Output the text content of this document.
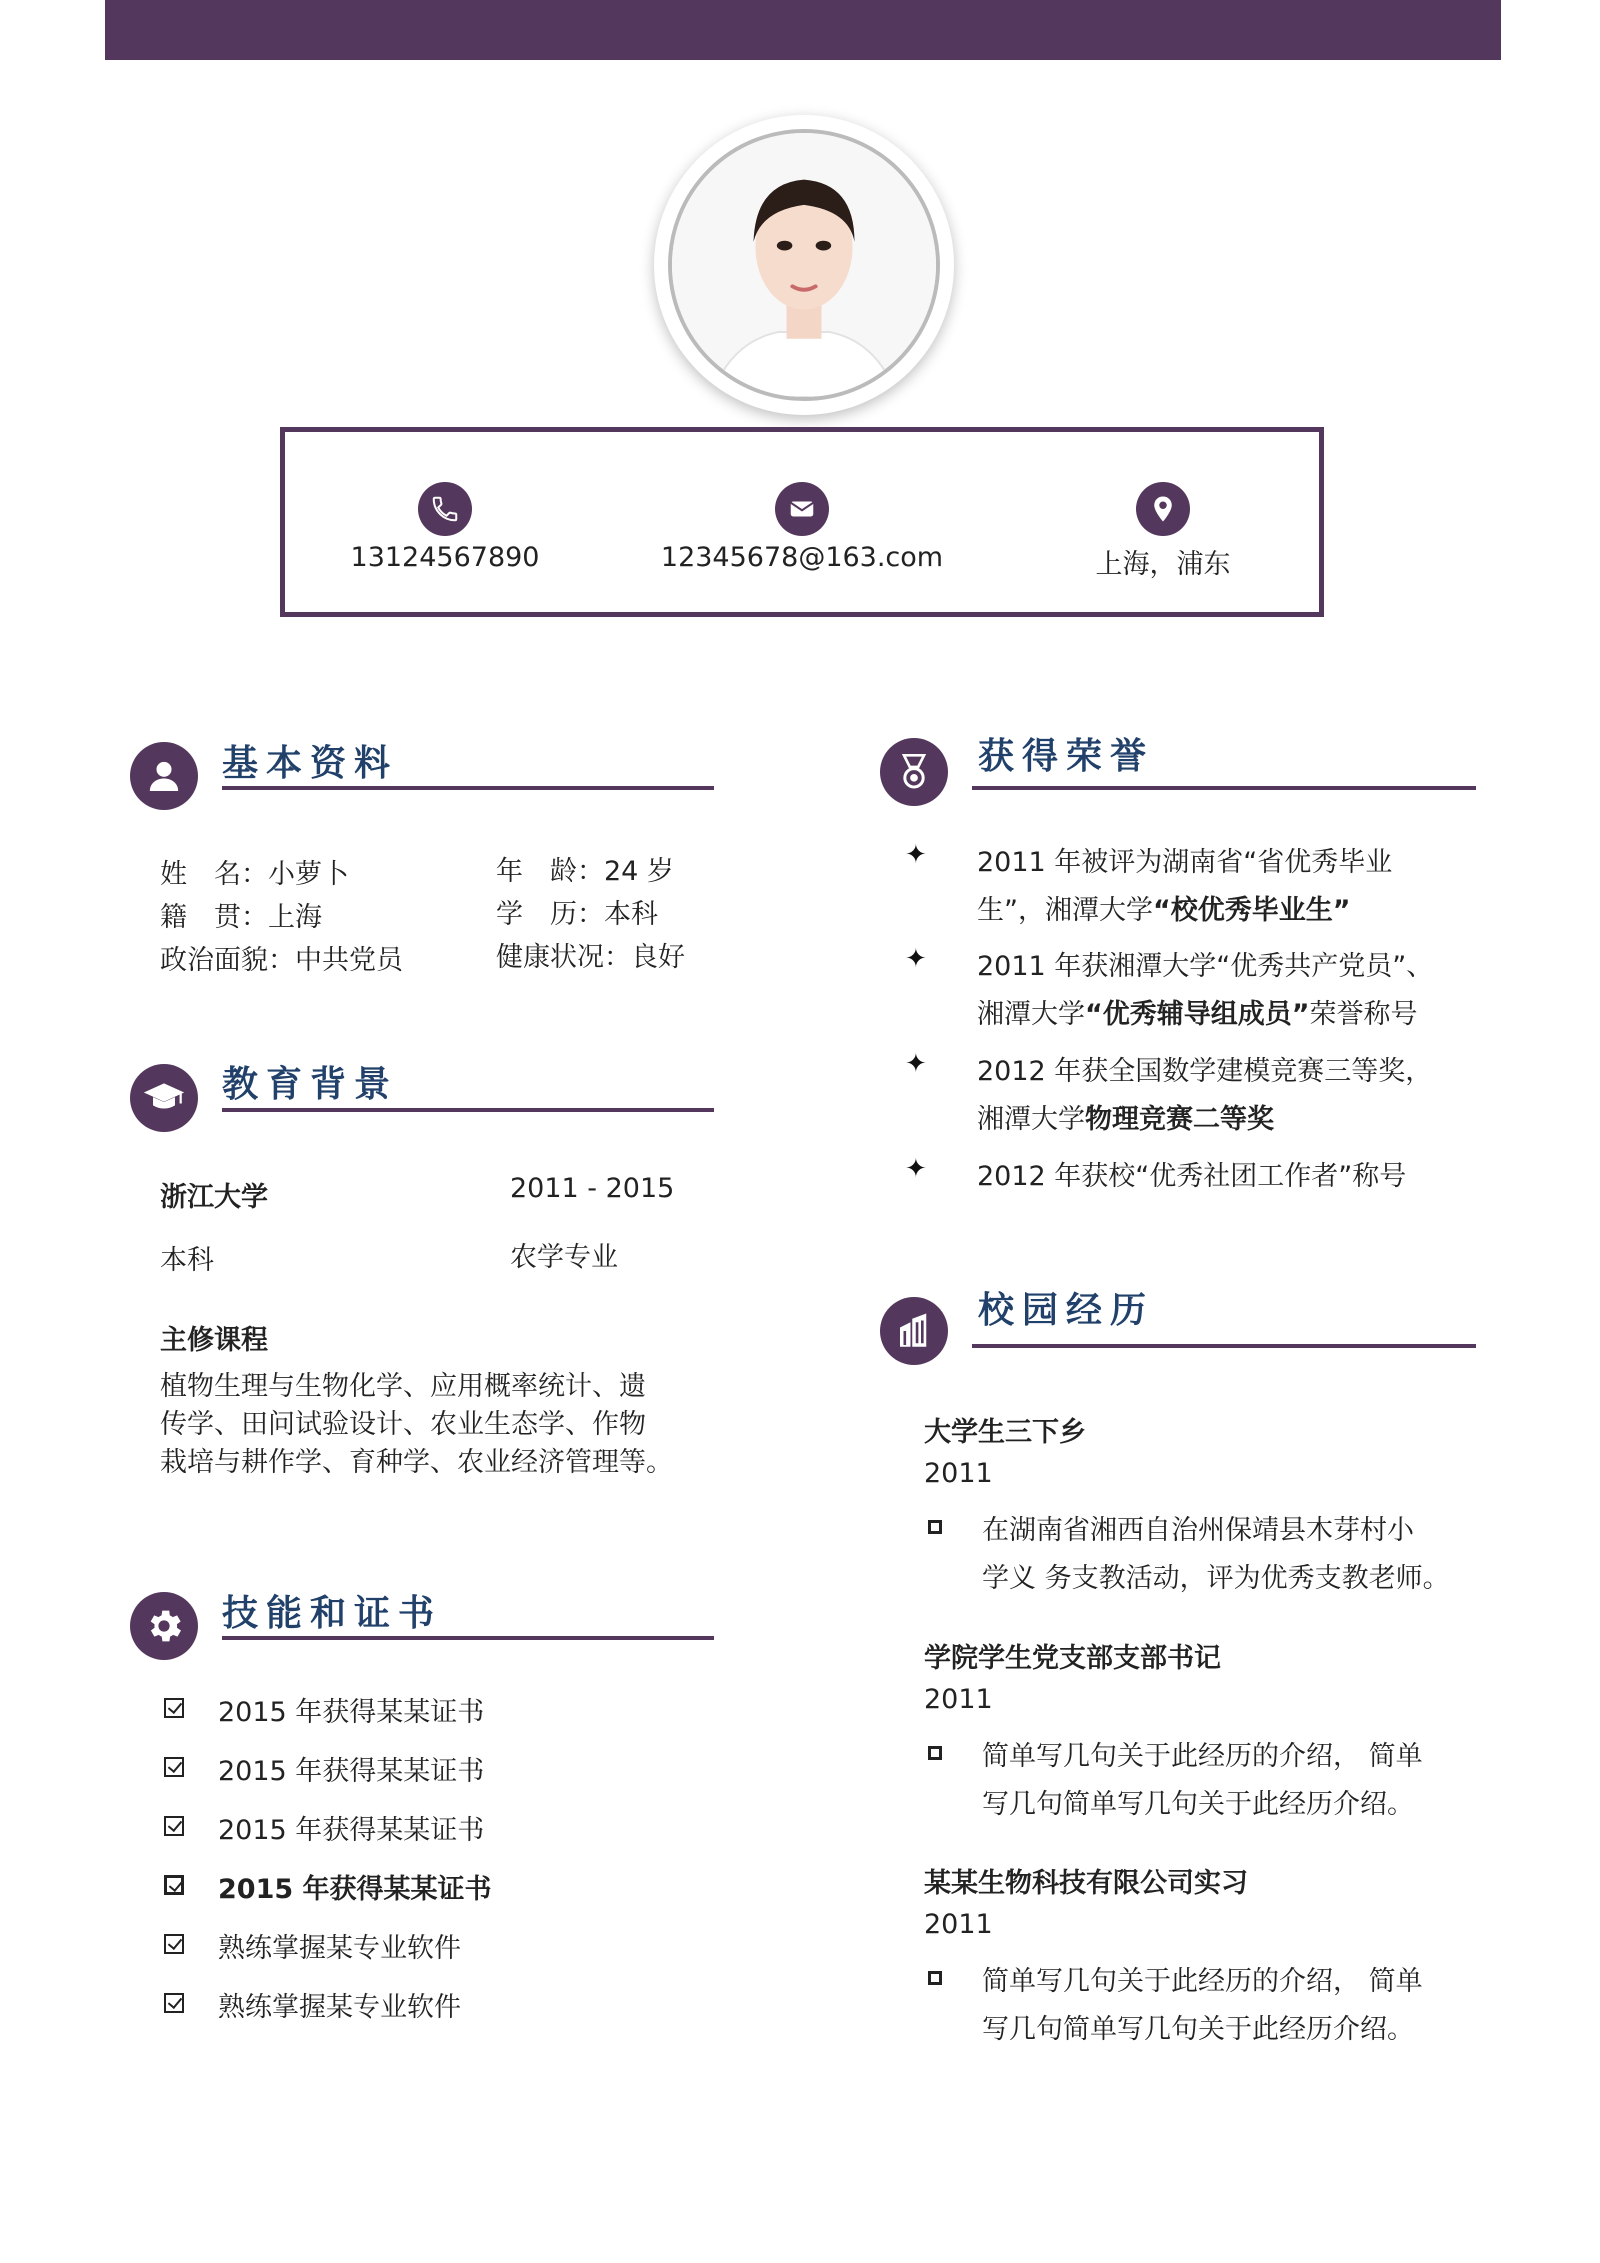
13124567890	12345678@163.com	上海，浦东
基本资料
姓　名：小萝卜	年　龄：24 岁
籍　贯：上海	学　历：本科
政治面貌：中共党员	健康状况：良好
教育背景
浙江大学	2011 - 2015
本科	农学专业
主修课程
植物生理与生物化学、应用概率统计、遗
传学、田问试验设计、农业生态学、作物
栽培与耕作学、育种学、农业经济管理等。
技能和证书
2015 年获得某某证书
2015 年获得某某证书
2015 年获得某某证书
2015 年获得某某证书
熟练掌握某专业软件
熟练掌握某专业软件
获得荣誉
✦ 2011 年被评为湖南省“省优秀毕业
生”，湘潭大学“校优秀毕业生”
✦ 2011 年获湘潭大学“优秀共产党员”、
湘潭大学“优秀辅导组成员”荣誉称号
✦ 2012 年获全国数学建模竞赛三等奖，
湘潭大学物理竞赛二等奖
✦ 2012 年获校“优秀社团工作者”称号
校园经历
大学生三下乡
2011
在湖南省湘西自治州保靖县木芽村小
学义 务支教活动，评为优秀支教老师。
学院学生党支部支部书记
2011
简单写几句关于此经历的介绍， 简单
写几句简单写几句关于此经历介绍。
某某生物科技有限公司实习
2011
简单写几句关于此经历的介绍， 简单
写几句简单写几句关于此经历介绍。
